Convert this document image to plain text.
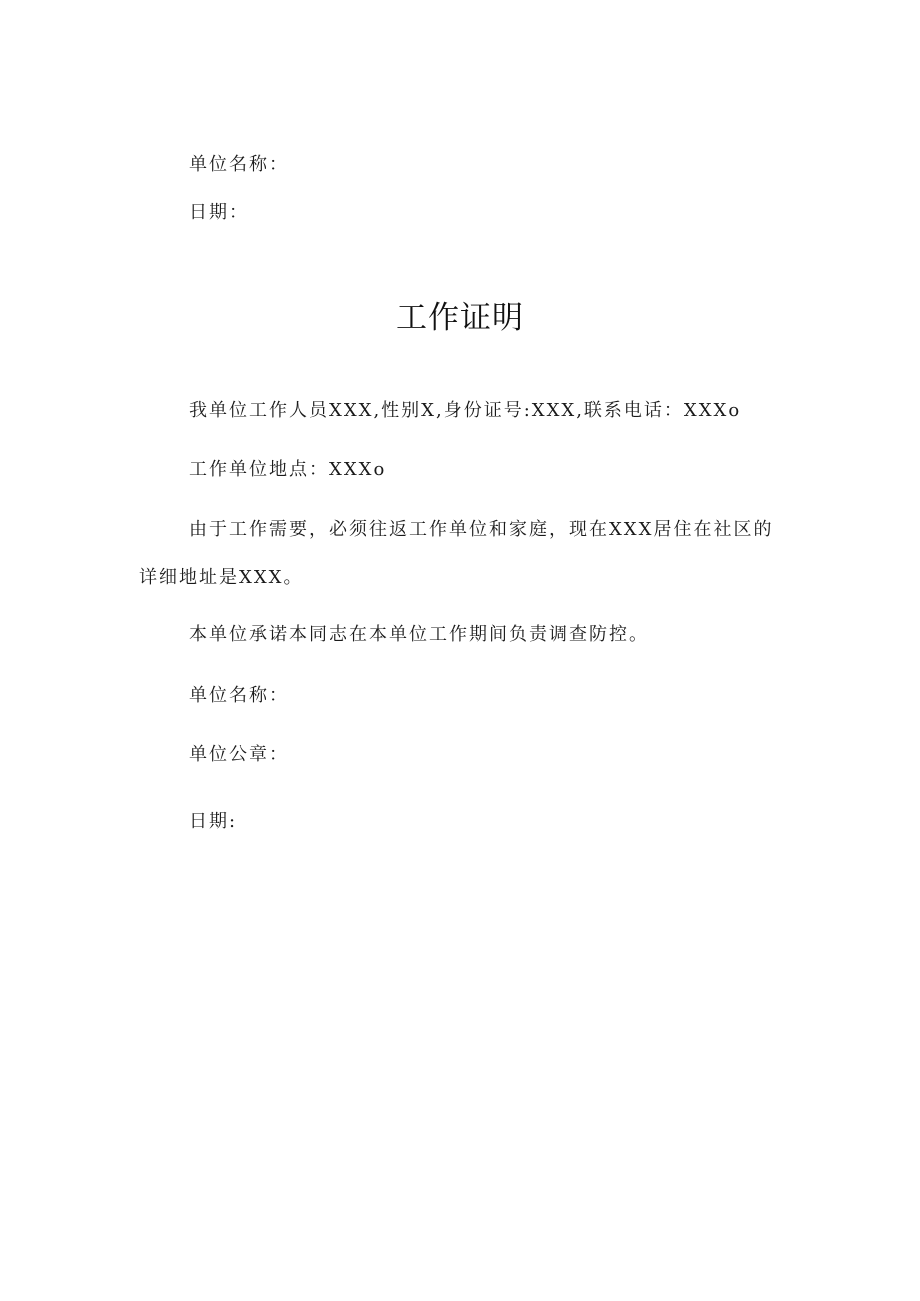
单位名称：
日期：
工作证明
我单位工作人员XXX,性别X,身份证号:XXX,联系电话：XXXo
工作单位地点：XXXo
由于工作需要，必须往返工作单位和家庭，现在XXX居住在社区的
详细地址是XXX。
本单位承诺本同志在本单位工作期间负责调查防控。
单位名称：
单位公章：
日期:
